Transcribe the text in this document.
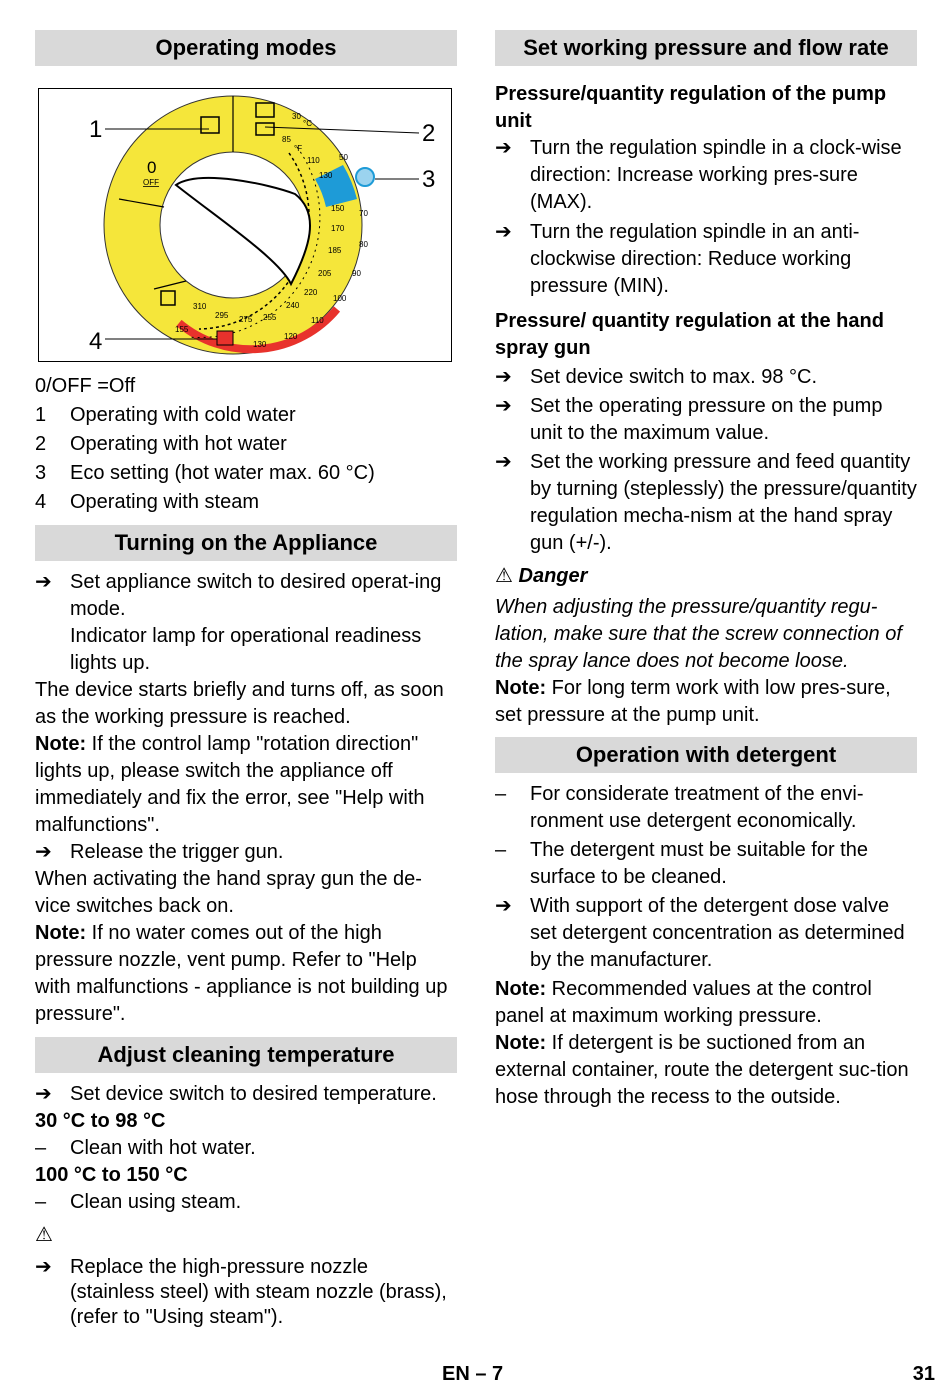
Operating modes
1	2
3
4
0
OFF
30
°C
°F
85
110
130
150
170
185
205
220
240
255
275
295
310
155
50
70
80
90
100
110
120
130
0/OFF =Off
1 Operating with cold water
2 Operating with hot water
3 Eco setting (hot water max. 60 °C)
4 Operating with steam
Turning on the Appliance
➔ Set appliance switch to desired operat-ing mode.
Indicator lamp for operational readiness lights up.
The device starts briefly and turns off, as soon as the working pressure is reached.
Note: If the control lamp "rotation direction" lights up, please switch the appliance off immediately and fix the error, see "Help with malfunctions".
➔ Release the trigger gun.
When activating the hand spray gun the de-vice switches back on.
Note: If no water comes out of the high pressure nozzle, vent pump. Refer to "Help with malfunctions - appliance is not building up pressure".
Adjust cleaning temperature
➔ Set device switch to desired temperature.
30 °C to 98 °C
– Clean with hot water.
100 °C to 150 °C
– Clean using steam.
⚠
➔ Replace the high-pressure nozzle (stainless steel) with steam nozzle (brass), (refer to "Using steam").
Set working pressure and flow rate
Pressure/quantity regulation of the pump unit
➔ Turn the regulation spindle in a clock-wise direction: Increase working pres-sure (MAX).
➔ Turn the regulation spindle in an anti-clockwise direction: Reduce working pressure (MIN).
Pressure/ quantity regulation at the hand spray gun
➔ Set device switch to max. 98 °C.
➔ Set the operating pressure on the pump unit to the maximum value.
➔ Set the working pressure and feed quantity by turning (steplessly) the pressure/quantity regulation mecha-nism at the hand spray gun (+/-).
⚠ Danger
When adjusting the pressure/quantity regu-lation, make sure that the screw connection of the spray lance does not become loose.
Note: For long term work with low pres-sure, set pressure at the pump unit.
Operation with detergent
– For considerate treatment of the envi-ronment use detergent economically.
– The detergent must be suitable for the surface to be cleaned.
➔ With support of the detergent dose valve set detergent concentration as determined by the manufacturer.
Note: Recommended values at the control panel at maximum working pressure.
Note: If detergent is be suctioned from an external container, route the detergent suc-tion hose through the recess to the outside.
EN – 7	31
